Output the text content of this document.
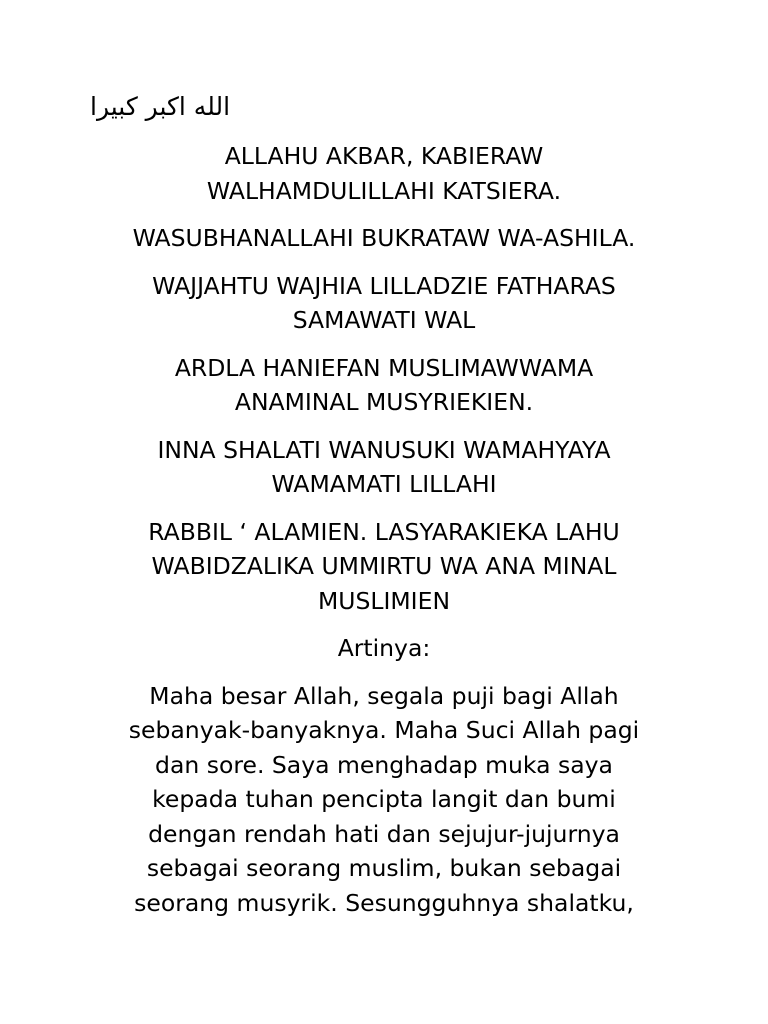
الله اكبر كبيرا

ALLAHU AKBAR, KABIERAW
WALHAMDULILLAHI KATSIERA.

WASUBHANALLAHI BUKRATAW WA-ASHILA.

WAJJAHTU WAJHIA LILLADZIE FATHARAS
SAMAWATI WAL

ARDLA HANIEFAN MUSLIMAWWAMA
ANAMINAL MUSYRIEKIEN.

INNA SHALATI WANUSUKI WAMAHYAYA
WAMAMATI LILLAHI

RABBIL ‘ ALAMIEN. LASYARAKIEKA LAHU
WABIDZALIKA UMMIRTU WA ANA MINAL
MUSLIMIEN

Artinya:

Maha besar Allah, segala puji bagi Allah
sebanyak-banyaknya. Maha Suci Allah pagi
dan sore. Saya menghadap muka saya
kepada tuhan pencipta langit dan bumi
dengan rendah hati dan sejujur-jujurnya
sebagai seorang muslim, bukan sebagai
seorang musyrik. Sesungguhnya shalatku,
